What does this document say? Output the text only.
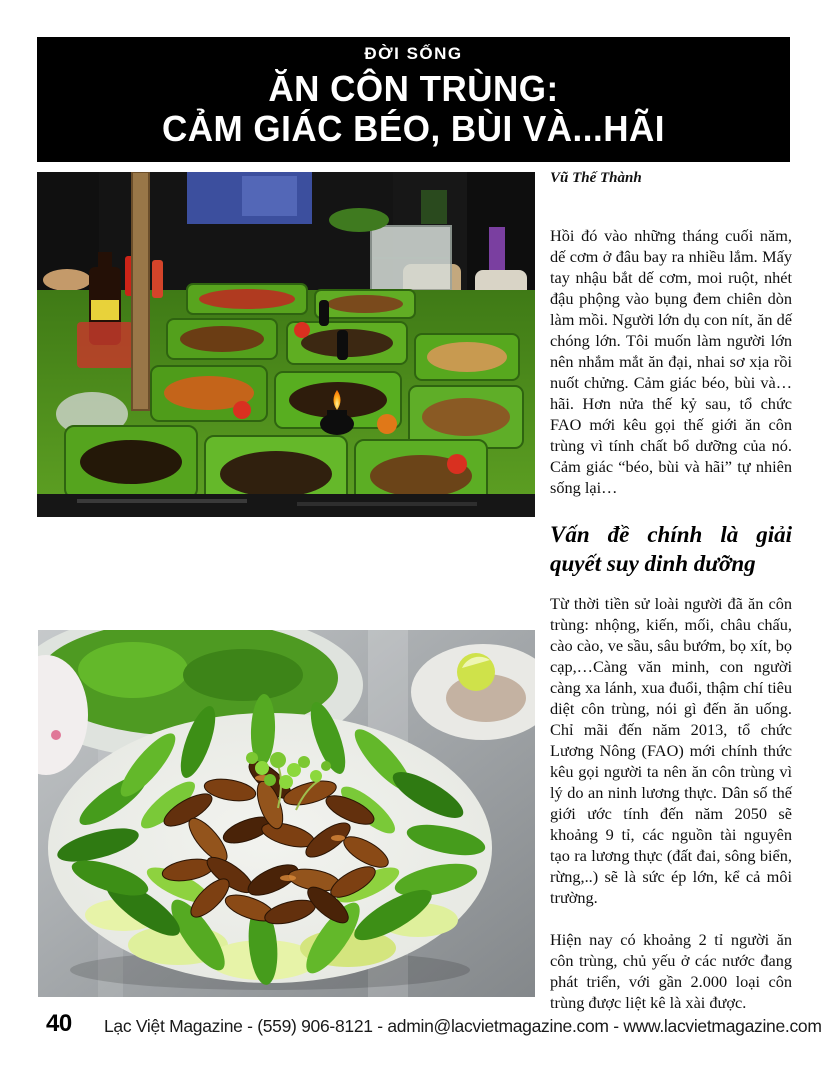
ĐỜI SỐNG
ĂN CÔN TRÙNG:
CẢM GIÁC BÉO, BÙI VÀ...HÃI

Vũ Thế Thành

Hồi đó vào những tháng cuối năm, dế cơm ở đâu bay ra nhiều lắm. Mấy tay nhậu bắt dế cơm, moi ruột, nhét đậu phộng vào bụng đem chiên dòn làm mồi. Người lớn dụ con nít, ăn dế chóng lớn. Tôi muốn làm người lớn nên nhắm mắt ăn đại, nhai sơ xịa rồi nuốt chửng. Cảm giác béo, bùi và…hãi. Hơn nửa thế kỷ sau, tổ chức FAO mới kêu gọi thế giới ăn côn trùng vì tính chất bổ dưỡng của nó. Cảm giác “béo, bùi và hãi” tự nhiên sống lại…

Vấn đề chính là giải quyết suy dinh dưỡng

Từ thời tiền sử loài người đã ăn côn trùng: nhộng, kiến, mối, châu chấu, cào cào, ve sầu, sâu bướm, bọ xít, bọ cạp,…Càng văn minh, con người càng xa lánh, xua đuổi, thậm chí tiêu diệt côn trùng, nói gì đến ăn uống. Chỉ mãi đến năm 2013, tổ chức Lương Nông (FAO) mới chính thức kêu gọi người ta nên ăn côn trùng vì lý do an ninh lương thực. Dân số thế giới ước tính đến năm 2050 sẽ khoảng 9 tỉ, các nguồn tài nguyên tạo ra lương thực (đất đai, sông biển, rừng,..) sẽ là sức ép lớn, kể cả môi trường.

Hiện nay có khoảng 2 tỉ người ăn côn trùng, chủ yếu ở các nước đang phát triển, với gần 2.000 loại côn trùng được liệt kê là xài được.

40 Lạc Việt Magazine - (559) 906-8121 - admin@lacvietmagazine.com - www.lacvietmagazine.com
